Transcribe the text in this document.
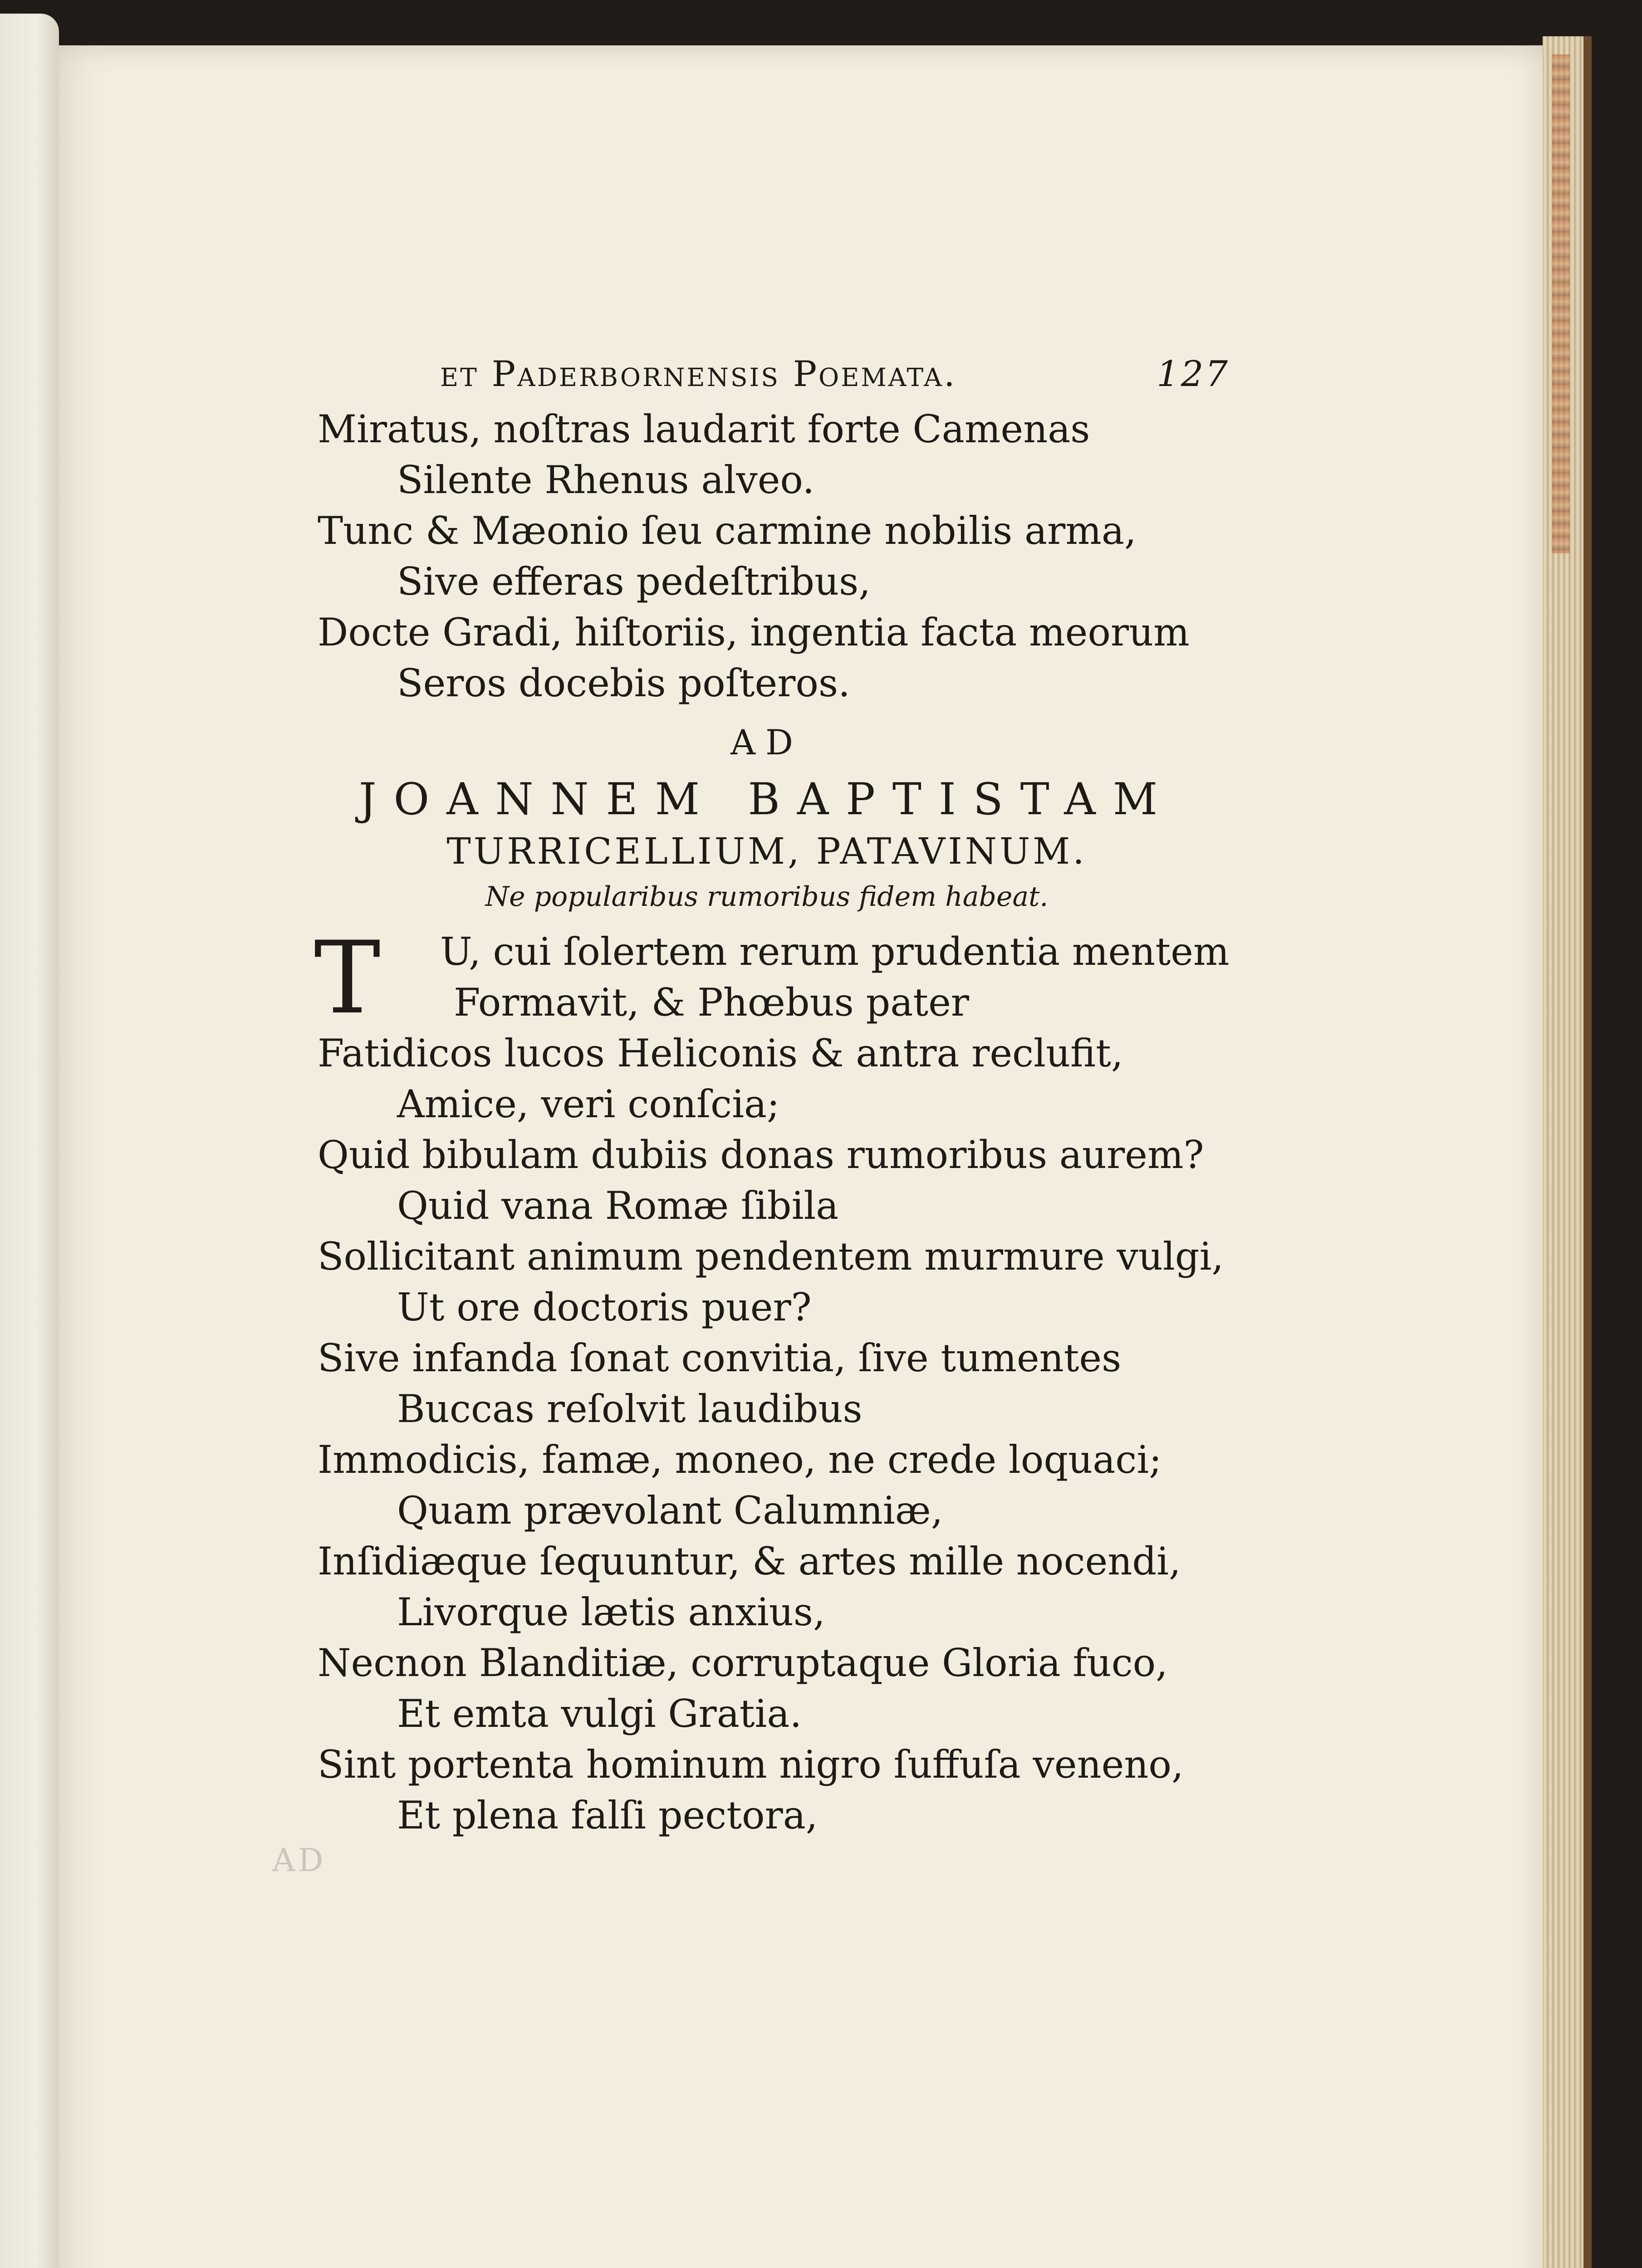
AD
et Paderbornensis Poemata.	127
Miratus, noſtras laudarit forte Camenas
Silente Rhenus alveo.
Tunc & Mæonio ſeu carmine nobilis arma,
Sive efferas pedeſtribus,
Docte Gradi, hiſtoriis, ingentia facta meorum
Seros docebis poſteros.
AD
JOANNEM BAPTISTAM
TURRICELLIUM, PATAVINUM.
Ne popularibus rumoribus fidem habeat.
T	U, cui ſolertem rerum prudentia mentem
Formavit, & Phœbus pater
Fatidicos lucos Heliconis & antra reclufit,
Amice, veri conſcia;
Quid bibulam dubiis donas rumoribus aurem?
Quid vana Romæ ſibila
Sollicitant animum pendentem murmure vulgi,
Ut ore doctoris puer?
Sive infanda ſonat convitia, ſive tumentes
Buccas reſolvit laudibus
Immodicis, famæ, moneo, ne crede loquaci;
Quam prævolant Calumniæ,
Inſidiæque ſequuntur, & artes mille nocendi,
Livorque lætis anxius,
Necnon Blanditiæ, corruptaque Gloria fuco,
Et emta vulgi Gratia.
Sint portenta hominum nigro ſuffuſa veneno,
Et plena falſi pectora,
